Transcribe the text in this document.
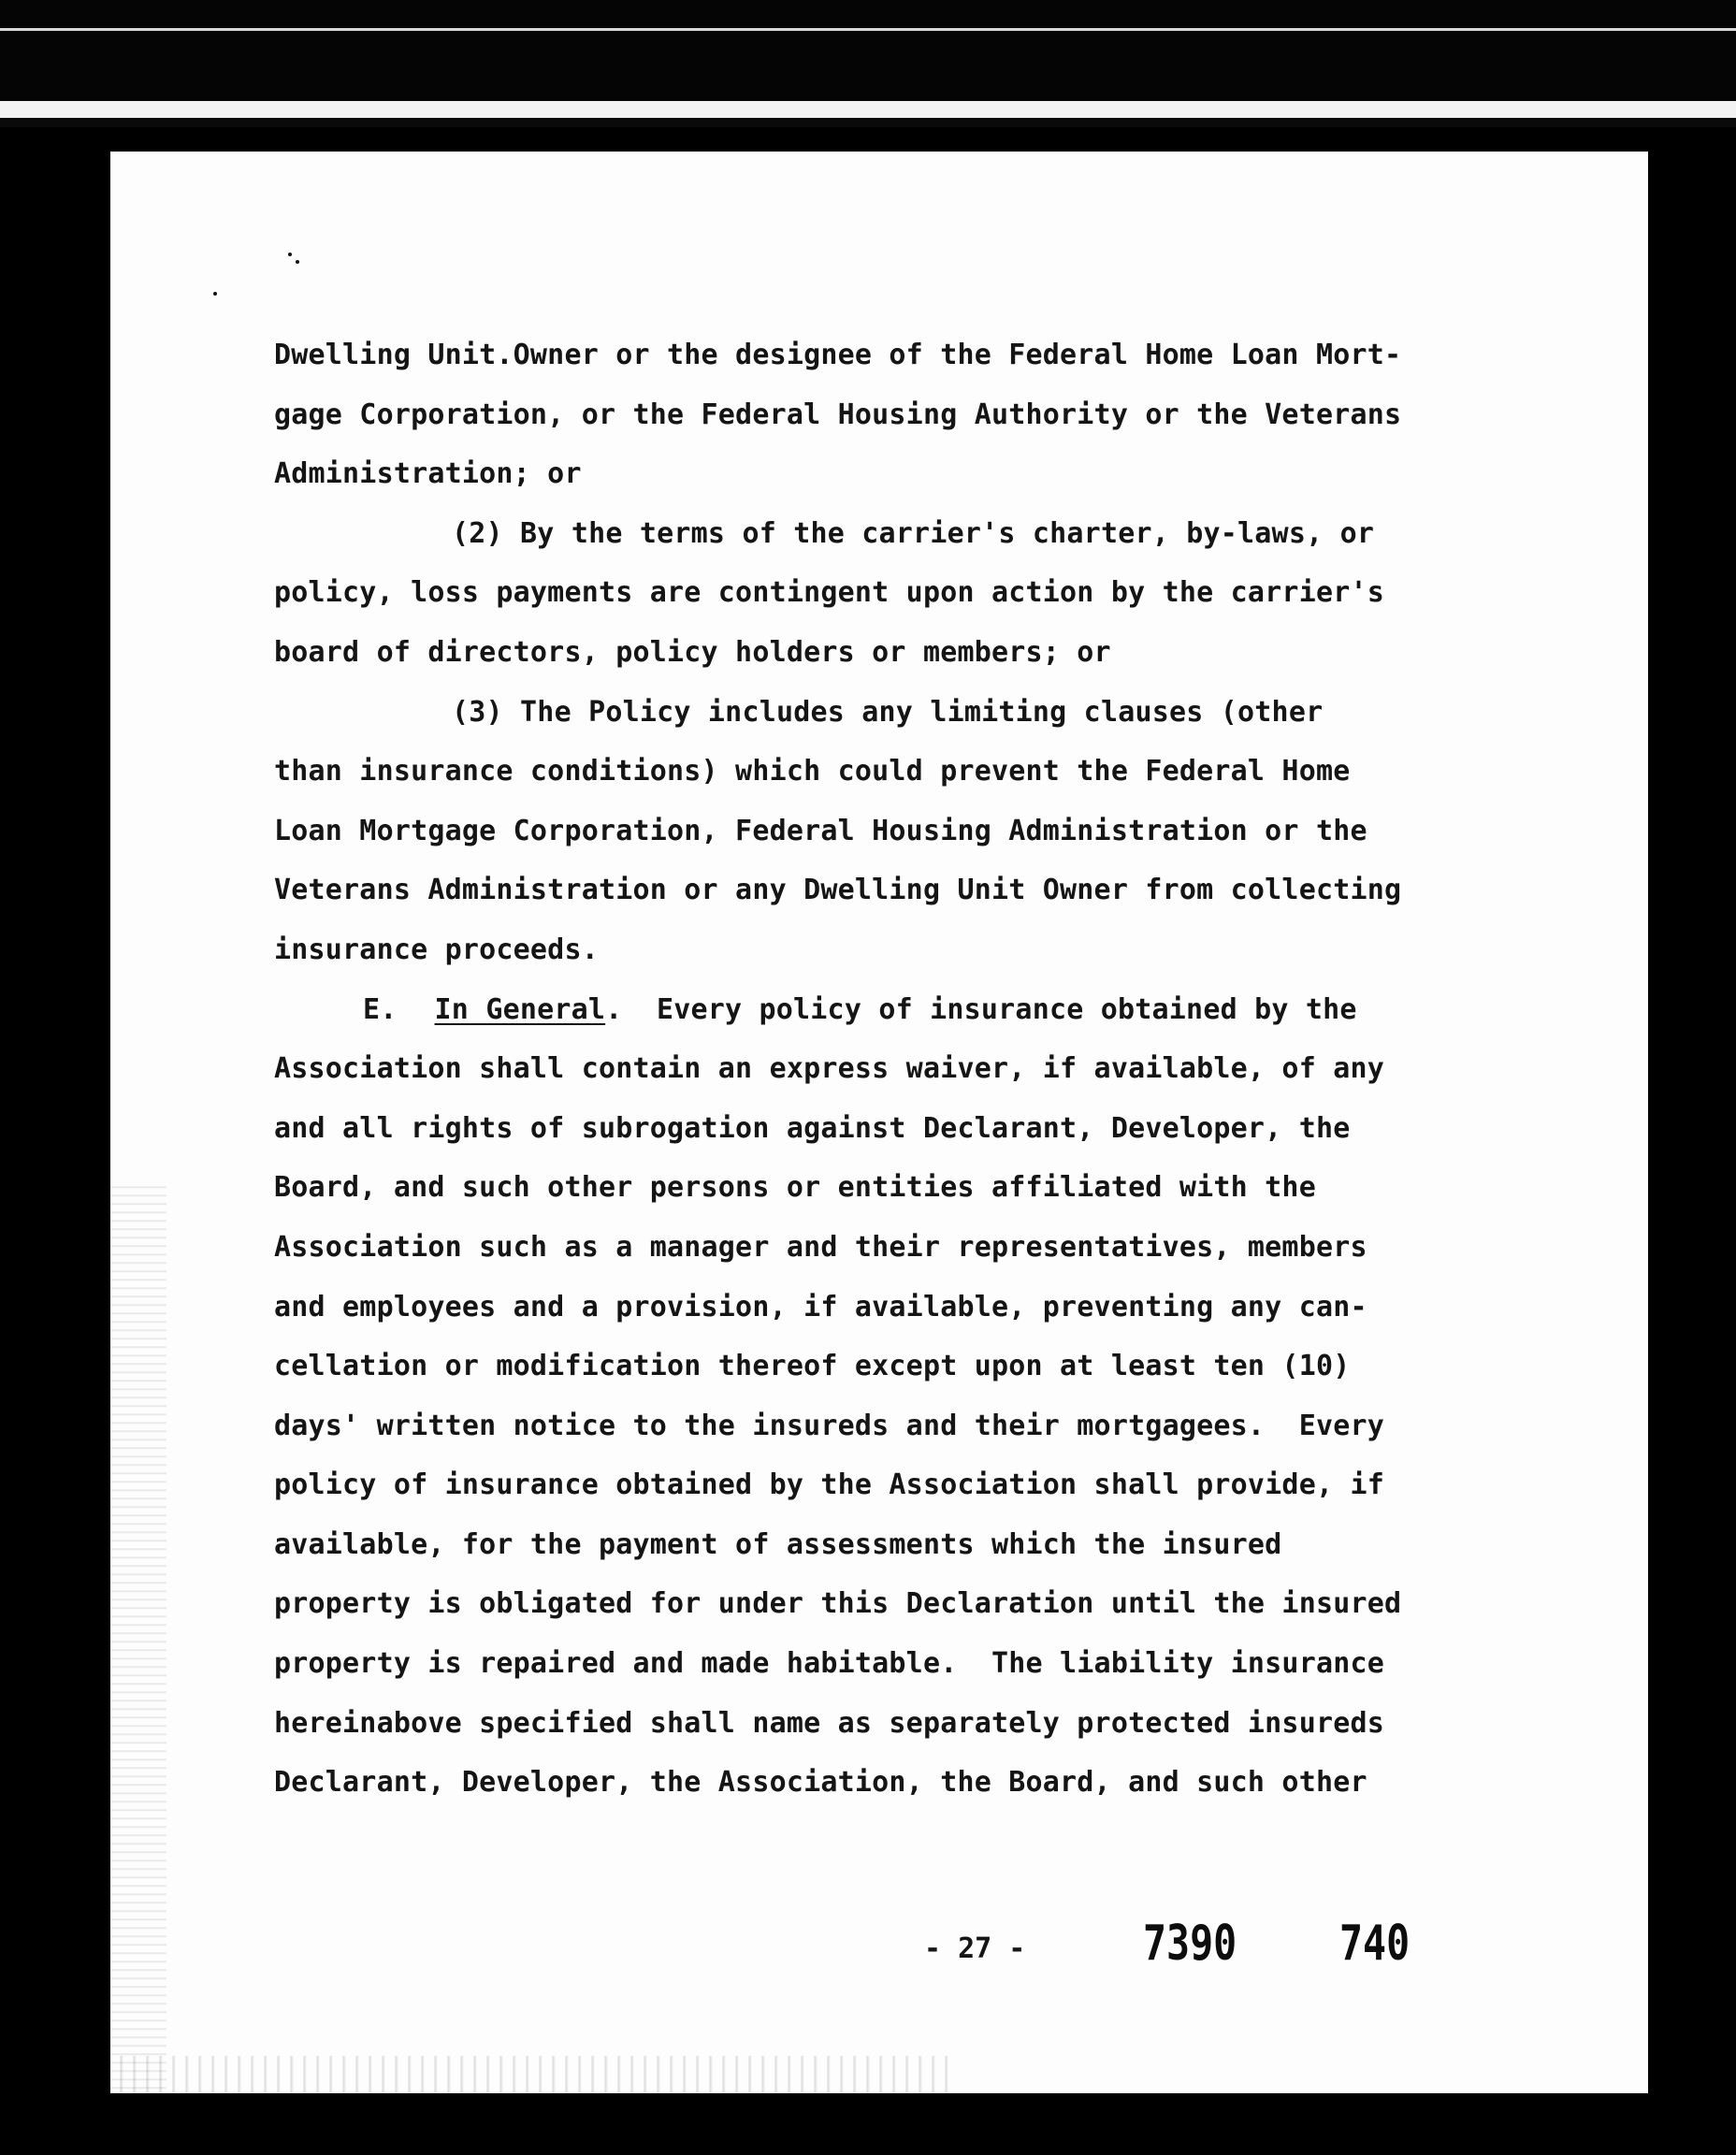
Dwelling Unit.Owner or the designee of the Federal Home Loan Mort-
gage Corporation, or the Federal Housing Authority or the Veterans
Administration; or
(2) By the terms of the carrier's charter, by-laws, or
policy, loss payments are contingent upon action by the carrier's
board of directors, policy holders or members; or
(3) The Policy includes any limiting clauses (other
than insurance conditions) which could prevent the Federal Home
Loan Mortgage Corporation, Federal Housing Administration or the
Veterans Administration or any Dwelling Unit Owner from collecting
insurance proceeds.
E. In General.  Every policy of insurance obtained by the
Association shall contain an express waiver, if available, of any
and all rights of subrogation against Declarant, Developer, the
Board, and such other persons or entities affiliated with the
Association such as a manager and their representatives, members
and employees and a provision, if available, preventing any can-
cellation or modification thereof except upon at least ten (10)
days' written notice to the insureds and their mortgagees.  Every
policy of insurance obtained by the Association shall provide, if
available, for the payment of assessments which the insured
property is obligated for under this Declaration until the insured
property is repaired and made habitable.  The liability insurance
hereinabove specified shall name as separately protected insureds
Declarant, Developer, the Association, the Board, and such other
- 27 - 7390 740
